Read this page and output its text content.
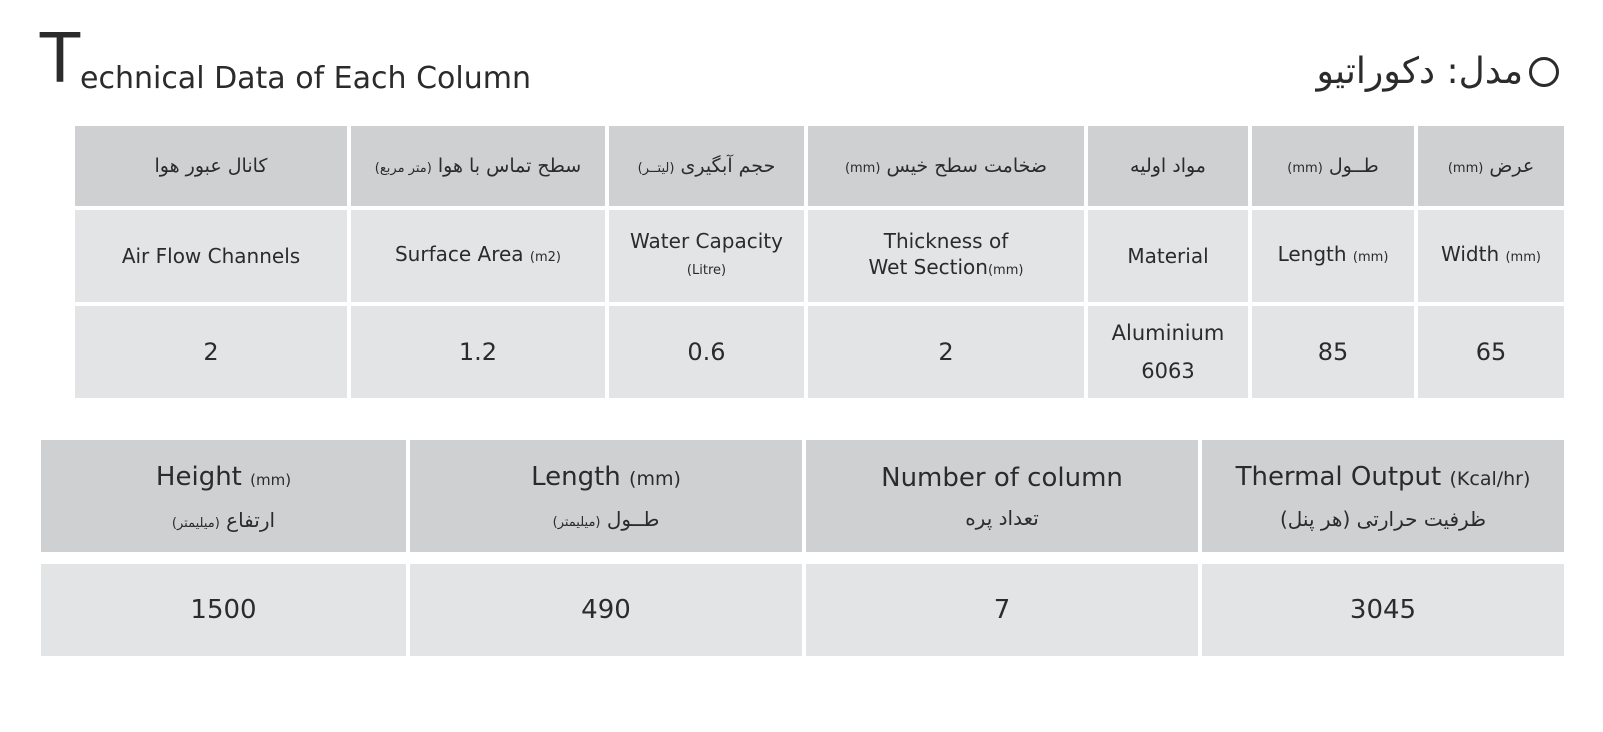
T
echnical Data of Each Column	مدل: دکوراتیو
عرض (mm)
طــول (mm)
مواد اولیه
ضخامت سطح خیس (mm)
حجم آبگیری (لیتــر)
سطح تماس با هوا (متر مربع)
کانال عبور هوا
Width (mm)
Length (mm)
Material
Thickness of
Wet Section(mm)
Water Capacity
(Litre)
Surface Area (m2)
Air Flow Channels
65
85
Aluminium
6063
2
0.6
1.2
2
Thermal Output (Kcal/hr)
ظرفیت حرارتی (هر پنل)
Number of column
تعداد پره
Length (mm)
طــول (میلیمتر)
Height (mm)
ارتفاع (میلیمتر)
3045
7
490
1500
